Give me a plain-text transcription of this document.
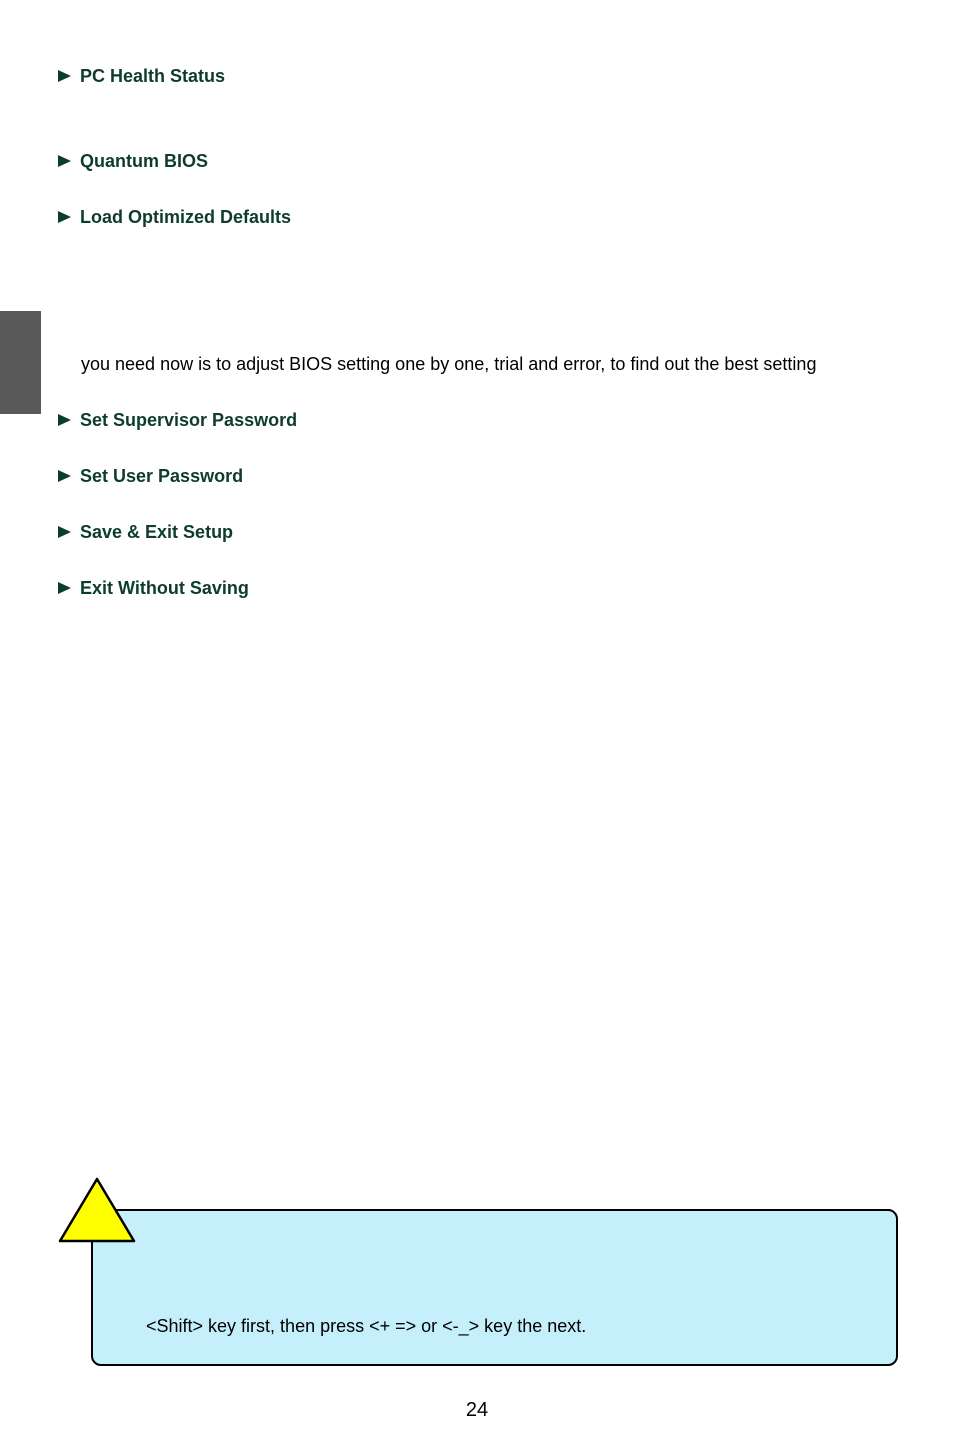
PC Health Status
Quantum BIOS
Load Optimized Defaults
you need now is to adjust BIOS setting one by one, trial and error, to find out the best setting
Set Supervisor Password
Set User Password
Save & Exit Setup
Exit Without Saving
<Shift> key first, then press <+ => or <-_> key the next.
24
